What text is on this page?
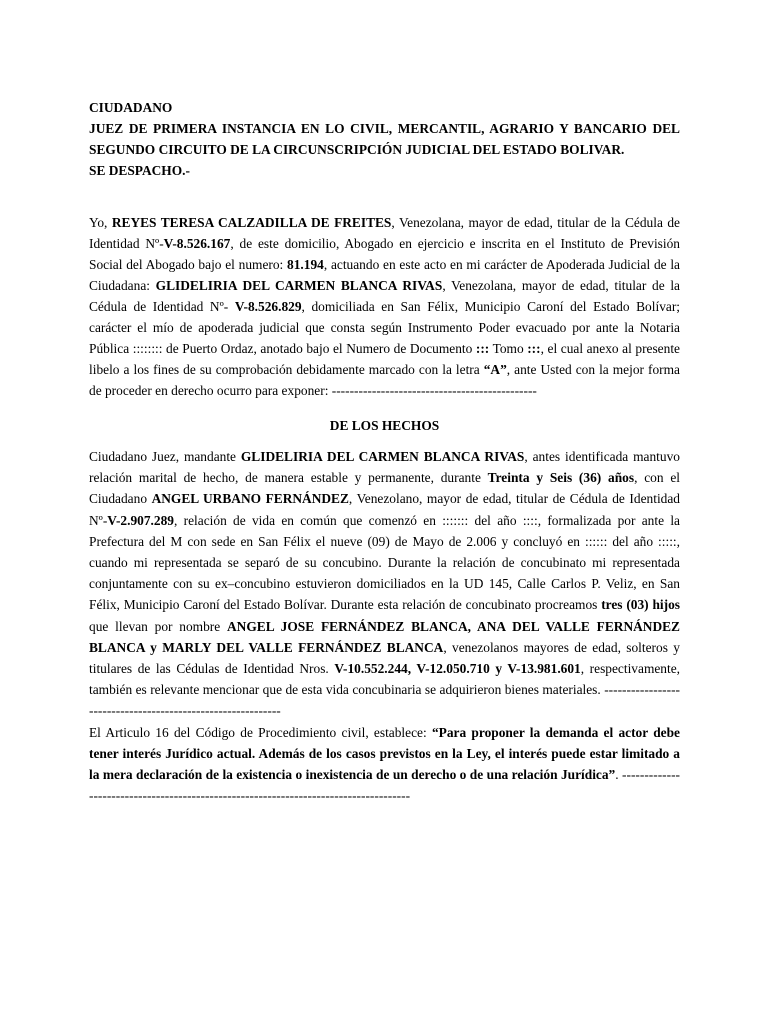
CIUDADANO
JUEZ DE PRIMERA INSTANCIA EN LO CIVIL, MERCANTIL, AGRARIO Y BANCARIO DEL SEGUNDO CIRCUITO DE LA CIRCUNSCRIPCIÓN JUDICIAL DEL ESTADO BOLIVAR.
SE DESPACHO.-
Yo, REYES TERESA CALZADILLA DE FREITES, Venezolana, mayor de edad, titular de la Cédula de Identidad Nº-V-8.526.167, de este domicilio, Abogado en ejercicio e inscrita en el Instituto de Previsión Social del Abogado bajo el numero: 81.194, actuando en este acto en mi carácter de Apoderada Judicial de la Ciudadana: GLIDELIRIA DEL CARMEN BLANCA RIVAS, Venezolana, mayor de edad, titular de la Cédula de Identidad Nº- V-8.526.829, domiciliada en San Félix, Municipio Caroní del Estado Bolívar; carácter el mío de apoderada judicial que consta según Instrumento Poder evacuado por ante la Notaria Pública :::::::: de Puerto Ordaz, anotado bajo el Numero de Documento ::: Tomo :::, el cual anexo al presente libelo a los fines de su comprobación debidamente marcado con la letra “A”, ante Usted con la mejor forma de proceder en derecho ocurro para exponer: ----------------------------------------------
DE LOS HECHOS
Ciudadano Juez, mandante GLIDELIRIA DEL CARMEN BLANCA RIVAS, antes identificada mantuvo relación marital de hecho, de manera estable y permanente, durante Treinta y Seis (36) años, con el Ciudadano ANGEL URBANO FERNÁNDEZ, Venezolano, mayor de edad, titular de Cédula de Identidad Nº-V-2.907.289, relación de vida en común que comenzó en ::::::: del año ::::, formalizada por ante la Prefectura del M con sede en San Félix el nueve (09) de Mayo de 2.006 y concluyó en :::::: del año :::::, cuando mi representada se separó de su concubino. Durante la relación de concubinato mi representada conjuntamente con su ex–concubino estuvieron domiciliados en la UD 145, Calle Carlos P. Veliz, en San Félix, Municipio Caroní del Estado Bolívar. Durante esta relación de concubinato procreamos tres (03) hijos que llevan por nombre ANGEL JOSE FERNÁNDEZ BLANCA, ANA DEL VALLE FERNÁNDEZ BLANCA y MARLY DEL VALLE FERNÁNDEZ BLANCA, venezolanos mayores de edad, solteros y titulares de las Cédulas de Identidad Nros. V-10.552.244, V-12.050.710 y V-13.981.601, respectivamente, también es relevante mencionar que de esta vida concubinaria se adquirieron bienes materiales. ------------------------------------------------------------
El Articulo 16 del Código de Procedimiento civil, establece: “Para proponer la demanda el actor debe tener interés Jurídico actual. Además de los casos previstos en la Ley, el interés puede estar limitado a la mera declaración de la existencia o inexistencia de un derecho o de una relación Jurídica”. -------------------------------------------------------------------------------------
